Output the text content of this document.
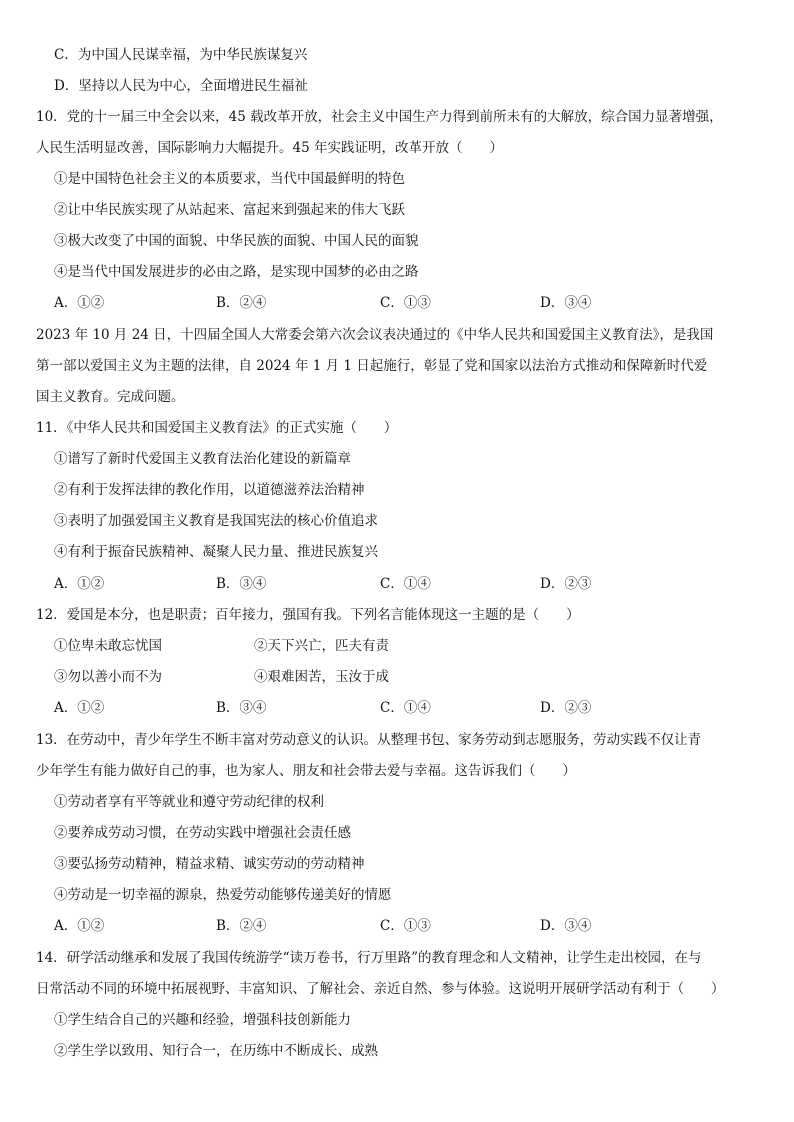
C．为中国人民谋幸福，为中华民族谋复兴
D．坚持以人民为中心，全面增进民生福祉
10．党的十一届三中全会以来，45 载改革开放，社会主义中国生产力得到前所未有的大解放，综合国力显著增强，
人民生活明显改善，国际影响力大幅提升。45 年实践证明，改革开放（　　）
①是中国特色社会主义的本质要求，当代中国最鲜明的特色
②让中华民族实现了从站起来、富起来到强起来的伟大飞跃
③极大改变了中国的面貌、中华民族的面貌、中国人民的面貌
④是当代中国发展进步的必由之路，是实现中国梦的必由之路
A．①②	B．②④	C．①③	D．③④
2023 年 10 月 24 日，十四届全国人大常委会第六次会议表决通过的《中华人民共和国爱国主义教育法》，是我国
第一部以爱国主义为主题的法律，自 2024 年 1 月 1 日起施行，彰显了党和国家以法治方式推动和保障新时代爱
国主义教育。完成问题。
11．《中华人民共和国爱国主义教育法》的正式实施（　　）
①谱写了新时代爱国主义教育法治化建设的新篇章
②有利于发挥法律的教化作用，以道德滋养法治精神
③表明了加强爱国主义教育是我国宪法的核心价值追求
④有利于振奋民族精神、凝聚人民力量、推进民族复兴
A．①②	B．③④	C．①④	D．②③
12．爱国是本分，也是职责；百年接力，强国有我。下列名言能体现这一主题的是（　　）
①位卑未敢忘忧国	②天下兴亡，匹夫有责
③勿以善小而不为	④艰难困苦，玉汝于成
A．①②	B．③④	C．①④	D．②③
13．在劳动中，青少年学生不断丰富对劳动意义的认识。从整理书包、家务劳动到志愿服务，劳动实践不仅让青
少年学生有能力做好自己的事，也为家人、朋友和社会带去爱与幸福。这告诉我们（　　）
①劳动者享有平等就业和遵守劳动纪律的权利
②要养成劳动习惯，在劳动实践中增强社会责任感
③要弘扬劳动精神，精益求精、诚实劳动的劳动精神
④劳动是一切幸福的源泉，热爱劳动能够传递美好的情愿
A．①②	B．②④	C．①③	D．③④
14．研学活动继承和发展了我国传统游学“读万卷书，行万里路”的教育理念和人文精神，让学生走出校园，在与
日常活动不同的环境中拓展视野、丰富知识、了解社会、亲近自然、参与体验。这说明开展研学活动有利于（　　）
①学生结合自己的兴趣和经验，增强科技创新能力
②学生学以致用、知行合一，在历练中不断成长、成熟
